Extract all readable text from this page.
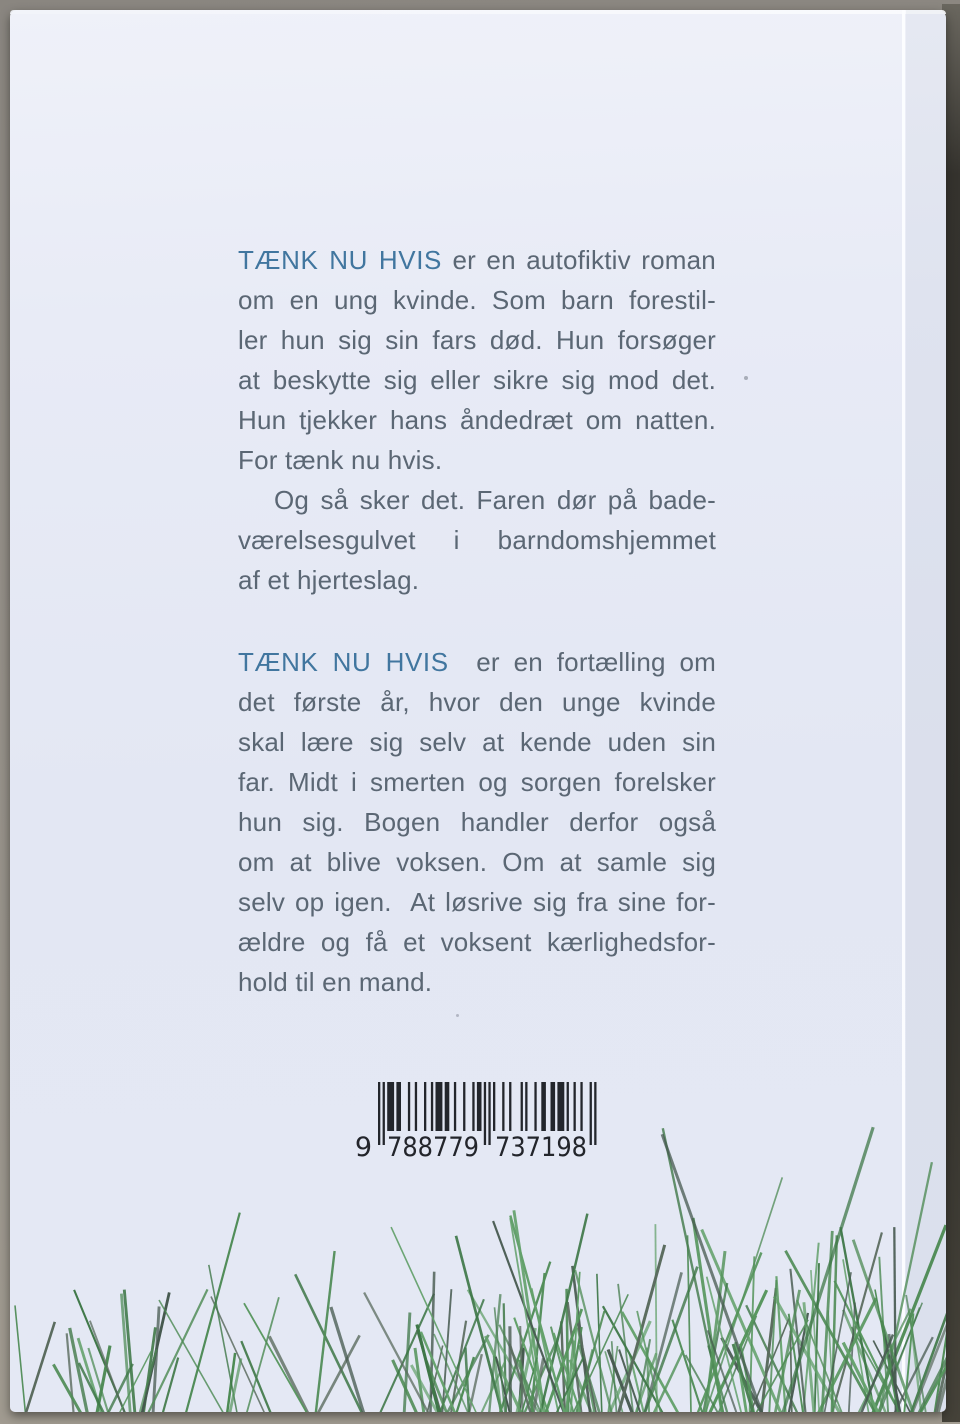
TÆNK NU HVIS er en autofiktiv roman
om en ung kvinde. Som barn forestil-
ler hun sig sin fars død. Hun forsøger
at beskytte sig eller sikre sig mod det.
Hun tjekker hans åndedræt om natten.
For tænk nu hvis.
Og så sker det. Faren dør på bade-
værelsesgulvet i barndomshjemmet
af et hjerteslag.
TÆNK NU HVIS  er en fortælling om
det første år, hvor den unge kvinde
skal lære sig selv at kende uden sin
far. Midt i smerten og sorgen forelsker
hun sig. Bogen handler derfor også
om at blive voksen. Om at samle sig
selv op igen.  At løsrive sig fra sine for-
ældre og få et voksent kærlighedsfor-
hold til en mand.
9 788779 737198
